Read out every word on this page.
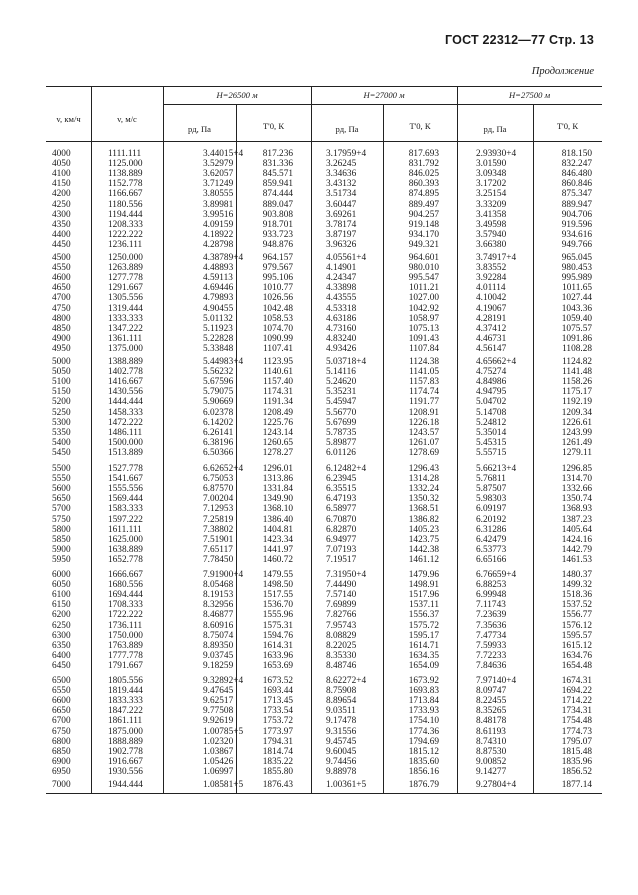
ГОСТ 22312—77 Стр. 13
Продолжение
v, км/ч	v, м/с
H=26500 м	H=27000 м	H=27500 м
pд, Па	T'0, К	pд, Па	T'0, К	pд, Па	T'0, К
4000	1111.111	3.44015+4	817.236	3.17959+4	817.693	2.93930+4	818.150
4050	1125.000	3.52979	831.336	3.26245	831.792	3.01590	832.247
4100	1138.889	3.62057	845.571	3.34636	846.025	3.09348	846.480
4150	1152.778	3.71249	859.941	3.43132	860.393	3.17202	860.846
4200	1166.667	3.80555	874.444	3.51734	874.895	3.25154	875.347
4250	1180.556	3.89981	889.047	3.60447	889.497	3.33209	889.947
4300	1194.444	3.99516	903.808	3.69261	904.257	3.41358	904.706
4350	1208.333	4.09159	918.701	3.78174	919.148	3.49598	919.596
4400	1222.222	4.18922	933.723	3.87197	934.170	3.57940	934.616
4450	1236.111	4.28798	948.876	3.96326	949.321	3.66380	949.766
4500	1250.000	4.38789+4	964.157	4.05561+4	964.601	3.74917+4	965.045
4550	1263.889	4.48893	979.567	4.14901	980.010	3.83552	980.453
4600	1277.778	4.59113	995.106	4.24347	995.547	3.92284	995.989
4650	1291.667	4.69446	1010.77	4.33898	1011.21	4.01114	1011.65
4700	1305.556	4.79893	1026.56	4.43555	1027.00	4.10042	1027.44
4750	1319.444	4.90455	1042.48	4.53318	1042.92	4.19067	1043.36
4800	1333.333	5.01132	1058.53	4.63186	1058.97	4.28191	1059.40
4850	1347.222	5.11923	1074.70	4.73160	1075.13	4.37412	1075.57
4900	1361.111	5.22828	1090.99	4.83240	1091.43	4.46731	1091.86
4950	1375.000	5.33848	1107.41	4.93426	1107.84	4.56147	1108.28
5000	1388.889	5.44983+4	1123.95	5.03718+4	1124.38	4.65662+4	1124.82
5050	1402.778	5.56232	1140.61	5.14116	1141.05	4.75274	1141.48
5100	1416.667	5.67596	1157.40	5.24620	1157.83	4.84986	1158.26
5150	1430.556	5.79075	1174.31	5.35231	1174.74	4.94795	1175.17
5200	1444.444	5.90669	1191.34	5.45947	1191.77	5.04702	1192.19
5250	1458.333	6.02378	1208.49	5.56770	1208.91	5.14708	1209.34
5300	1472.222	6.14202	1225.76	5.67699	1226.18	5.24812	1226.61
5350	1486.111	6.26141	1243.14	5.78735	1243.57	5.35014	1243.99
5400	1500.000	6.38196	1260.65	5.89877	1261.07	5.45315	1261.49
5450	1513.889	6.50366	1278.27	6.01126	1278.69	5.55715	1279.11
5500	1527.778	6.62652+4	1296.01	6.12482+4	1296.43	5.66213+4	1296.85
5550	1541.667	6.75053	1313.86	6.23945	1314.28	5.76811	1314.70
5600	1555.556	6.87570	1331.84	6.35515	1332.24	5.87507	1332.66
5650	1569.444	7.00204	1349.90	6.47193	1350.32	5.98303	1350.74
5700	1583.333	7.12953	1368.10	6.58977	1368.51	6.09197	1368.93
5750	1597.222	7.25819	1386.40	6.70870	1386.82	6.20192	1387.23
5800	1611.111	7.38802	1404.81	6.82870	1405.23	6.31286	1405.64
5850	1625.000	7.51901	1423.34	6.94977	1423.75	6.42479	1424.16
5900	1638.889	7.65117	1441.97	7.07193	1442.38	6.53773	1442.79
5950	1652.778	7.78450	1460.72	7.19517	1461.12	6.65166	1461.53
6000	1666.667	7.91900+4	1479.55	7.31950+4	1479.96	6.76659+4	1480.37
6050	1680.556	8.05468	1498.50	7.44490	1498.91	6.88253	1499.32
6100	1694.444	8.19153	1517.55	7.57140	1517.96	6.99948	1518.36
6150	1708.333	8.32956	1536.70	7.69899	1537.11	7.11743	1537.52
6200	1722.222	8.46877	1555.96	7.82766	1556.37	7.23639	1556.77
6250	1736.111	8.60916	1575.31	7.95743	1575.72	7.35636	1576.12
6300	1750.000	8.75074	1594.76	8.08829	1595.17	7.47734	1595.57
6350	1763.889	8.89350	1614.31	8.22025	1614.71	7.59933	1615.12
6400	1777.778	9.03745	1633.96	8.35330	1634.35	7.72233	1634.76
6450	1791.667	9.18259	1653.69	8.48746	1654.09	7.84636	1654.48
6500	1805.556	9.32892+4	1673.52	8.62272+4	1673.92	7.97140+4	1674.31
6550	1819.444	9.47645	1693.44	8.75908	1693.83	8.09747	1694.22
6600	1833.333	9.62517	1713.45	8.89654	1713.84	8.22455	1714.22
6650	1847.222	9.77508	1733.54	9.03511	1733.93	8.35265	1734.31
6700	1861.111	9.92619	1753.72	9.17478	1754.10	8.48178	1754.48
6750	1875.000	1.00785+5	1773.97	9.31556	1774.36	8.61193	1774.73
6800	1888.889	1.02320	1794.31	9.45745	1794.69	8.74310	1795.07
6850	1902.778	1.03867	1814.74	9.60045	1815.12	8.87530	1815.48
6900	1916.667	1.05426	1835.22	9.74456	1835.60	9.00852	1835.96
6950	1930.556	1.06997	1855.80	9.88978	1856.16	9.14277	1856.52
7000	1944.444	1.08581+5	1876.43	1.00361+5	1876.79	9.27804+4	1877.14
